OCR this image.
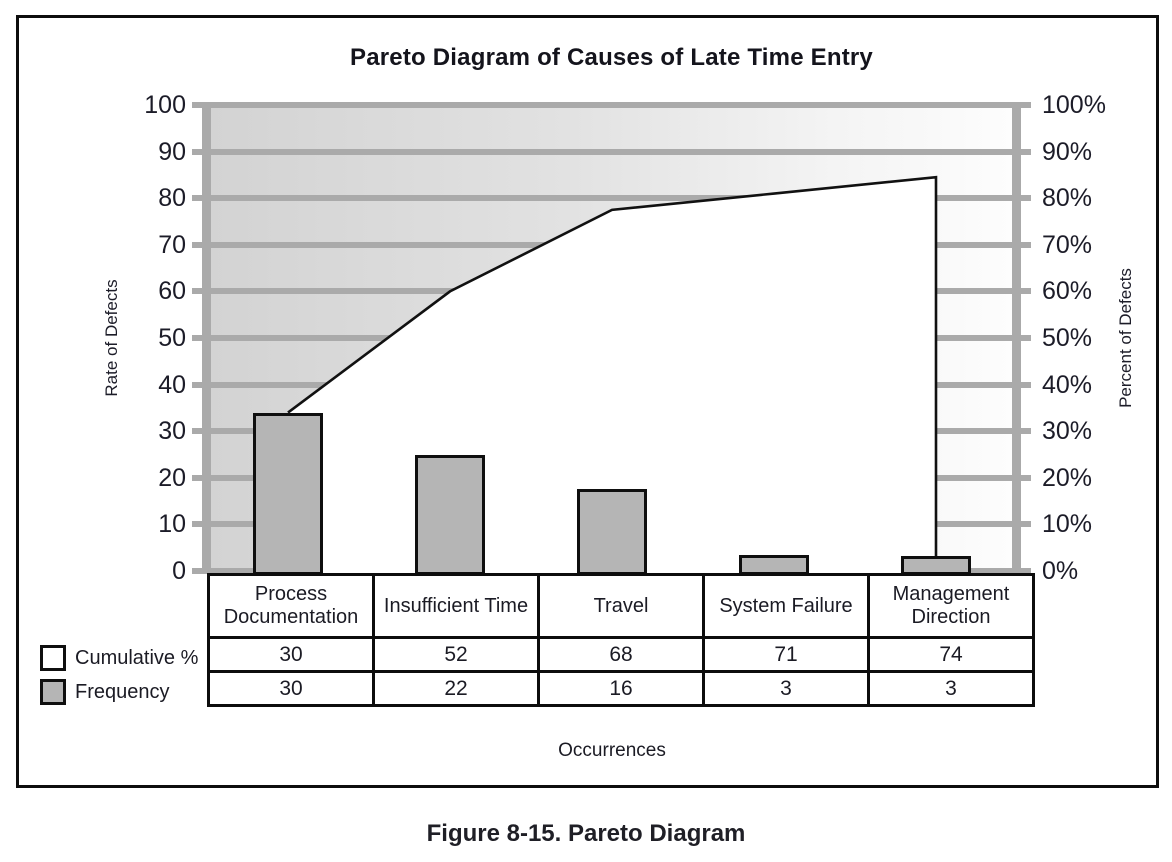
Pareto Diagram of Causes of Late Time Entry
100
90
80
70
60
50
40
30
20
10
0
100%
90%
80%
70%
60%
50%
40%
30%
20%
10%
0%
Rate of Defects	Percent of Defects
Process Documentation	Insufficient Time	Travel	System Failure	Management Direction
30	52	68	71	74
30	22	16	3	3
Cumulative %
Frequency
Occurrences
Figure 8-15. Pareto Diagram
